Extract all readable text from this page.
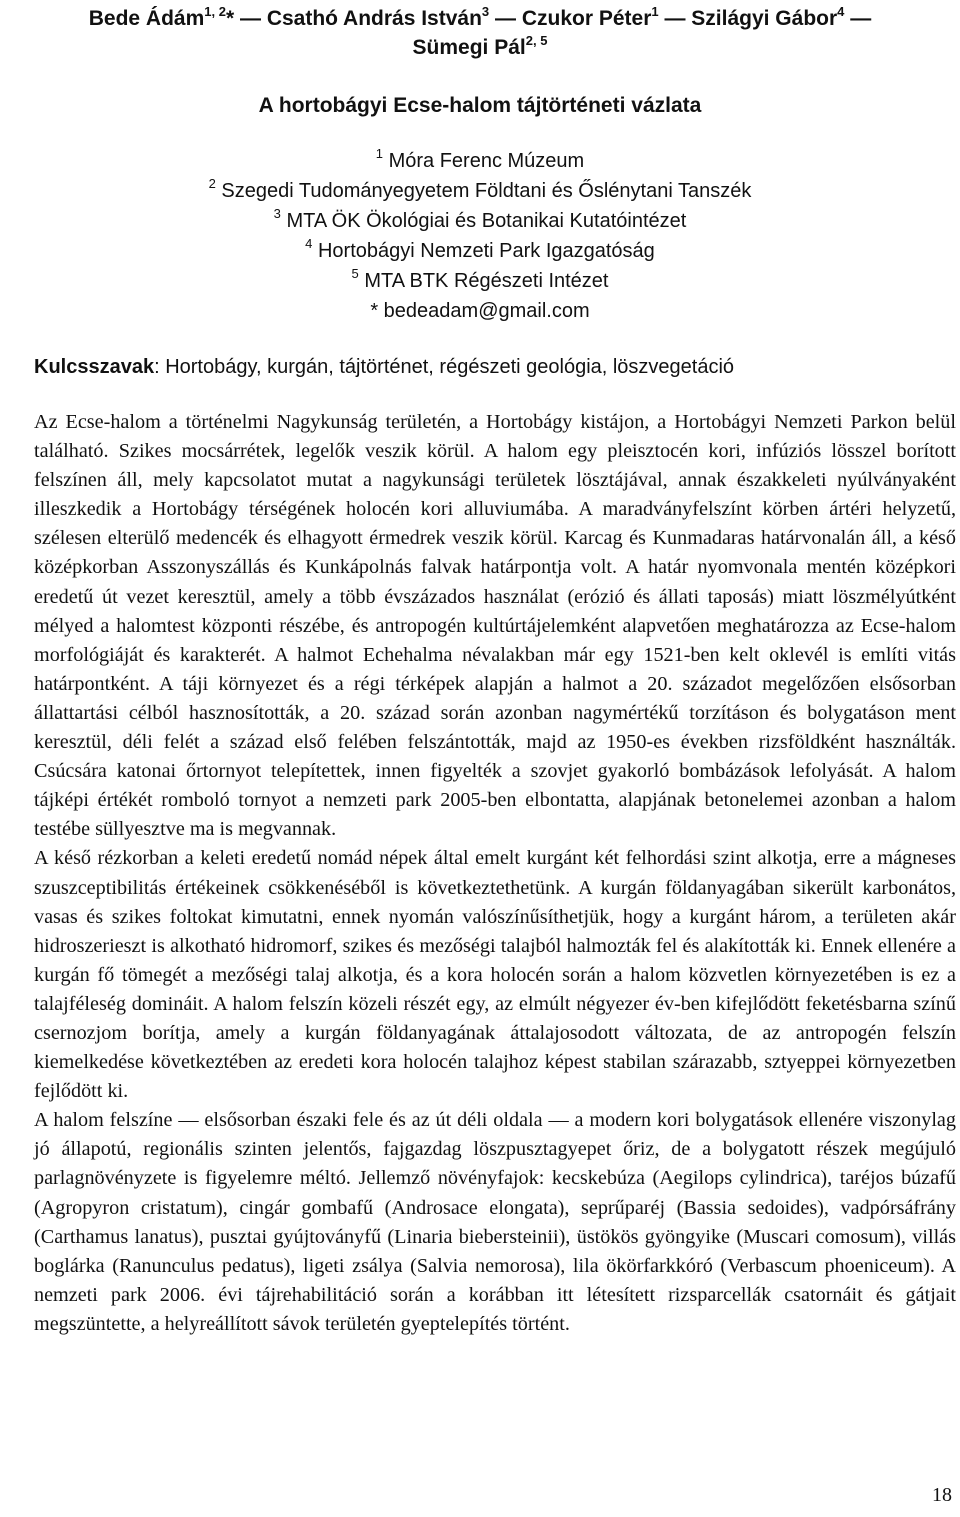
Bede Ádám$^{1, 2}$* — Csathó András István$^3$ — Czukor Péter$^1$ — Szilágyi Gábor$^4$ —
Sümegi Pál$^{2, 5}$
A hortobágyi Ecse-halom tájtörténeti vázlata
$^1$ Móra Ferenc Múzeum
$^2$ Szegedi Tudományegyetem Földtani és Őslénytani Tanszék
$^3$ MTA ÖK Ökológiai és Botanikai Kutatóintézet
$^4$ Hortobágyi Nemzeti Park Igazgatóság
$^5$ MTA BTK Régészeti Intézet
* bedeadam@gmail.com
Kulcsszavak: Hortobágy, kurgán, tájtörténet, régészeti geológia, löszvegetáció

Az Ecse-halom a történelmi Nagykunság területén, a Hortobágy kistájon, a Hortobágyi Nemzeti Parkon belül található. Szikes mocsárrétek, legelők veszik körül. A halom egy pleisztocén kori, infúziós lösszel borított felszínen áll, mely kapcsolatot mutat a nagykunsági területek lösztájával, annak északkeleti nyúlványaként illeszkedik a Hortobágy térségének holocén kori alluviumába. A maradványfelszínt körben ártéri helyzetű, szélesen elterülő medencék és elhagyott érmedrek veszik körül. Karcag és Kunmadaras határvonalán áll, a késő középkorban Asszonyszállás és Kunkápolnás falvak határpontja volt. A határ nyomvonala mentén középkori eredetű út vezet keresztül, amely a több évszázados használat (erózió és állati taposás) miatt löszmélyútként mélyed a halomtest központi részébe, és antropogén kultúrtájelemként alapvetően meghatározza az Ecse-halom morfológiáját és karakterét. A halmot Echehalma névalakban már egy 1521-ben kelt oklevél is említi vitás határpontként. A táji környezet és a régi térképek alapján a halmot a 20. századot megelőzően elsősorban állattartási célból hasznosították, a 20. század során azonban nagymértékű torzításon és bolygatáson ment keresztül, déli felét a század első felében felszántották, majd az 1950-es években rizsföldként használták. Csúcsára katonai őrtornyot telepítettek, innen figyelték a szovjet gyakorló bombázások lefolyását. A halom tájképi értékét romboló tornyot a nemzeti park 2005-ben elbontatta, alapjának betonelemei azonban a halom testébe süllyesztve ma is megvannak.

A késő rézkorban a keleti eredetű nomád népek által emelt kurgánt két felhordási szint alkotja, erre a mágneses szuszceptibilitás értékeinek csökkenéséből is következtethetünk. A kurgán földanyagában sikerült karbonátos, vasas és szikes foltokat kimutatni, ennek nyomán valószínűsíthetjük, hogy a kurgánt három, a területen akár hidroszerieszt is alkotható hidromorf, szikes és mezőségi talajból halmozták fel és alakították ki. Ennek ellenére a kurgán fő tömegét a mezőségi talaj alkotja, és a kora holocén során a halom közvetlen környezetében is ez a talajféleség domináit. A halom felszín közeli részét egy, az elmúlt négyezer év-ben kifejlődött feketésbarna színű csernozjom borítja, amely a kurgán földanyagának áttalajosodott változata, de az antropogén felszín kiemelkedése következtében az eredeti kora holocén talajhoz képest stabilan szárazabb, sztyeppei környezetben fejlődött ki.

A halom felszíne — elsősorban északi fele és az út déli oldala — a modern kori bolygatások ellenére viszonylag jó állapotú, regionális szinten jelentős, fajgazdag löszpusztagyepet őriz, de a bolygatott részek megújuló parlagnövényzete is figyelemre méltó. Jellemző növényfajok: kecskebúza (Aegilops cylindrica), taréjos búzafű (Agropyron cristatum), cingár gombafű (Androsace elongata), seprűparéj (Bassia sedoides), vadpórsáfrány (Carthamus lanatus), pusztai gyújtoványfű (Linaria biebersteinii), üstökös gyöngyike (Muscari comosum), villás boglárka (Ranunculus pedatus), ligeti zsálya (Salvia nemorosa), lila ökörfarkkóró (Verbascum phoeniceum). A nemzeti park 2006. évi tájrehabilitáció során a korábban itt létesített rizsparcellák csatornáit és gátjait megszüntette, a helyreállított sávok területén gyeptelepítés történt.

18
